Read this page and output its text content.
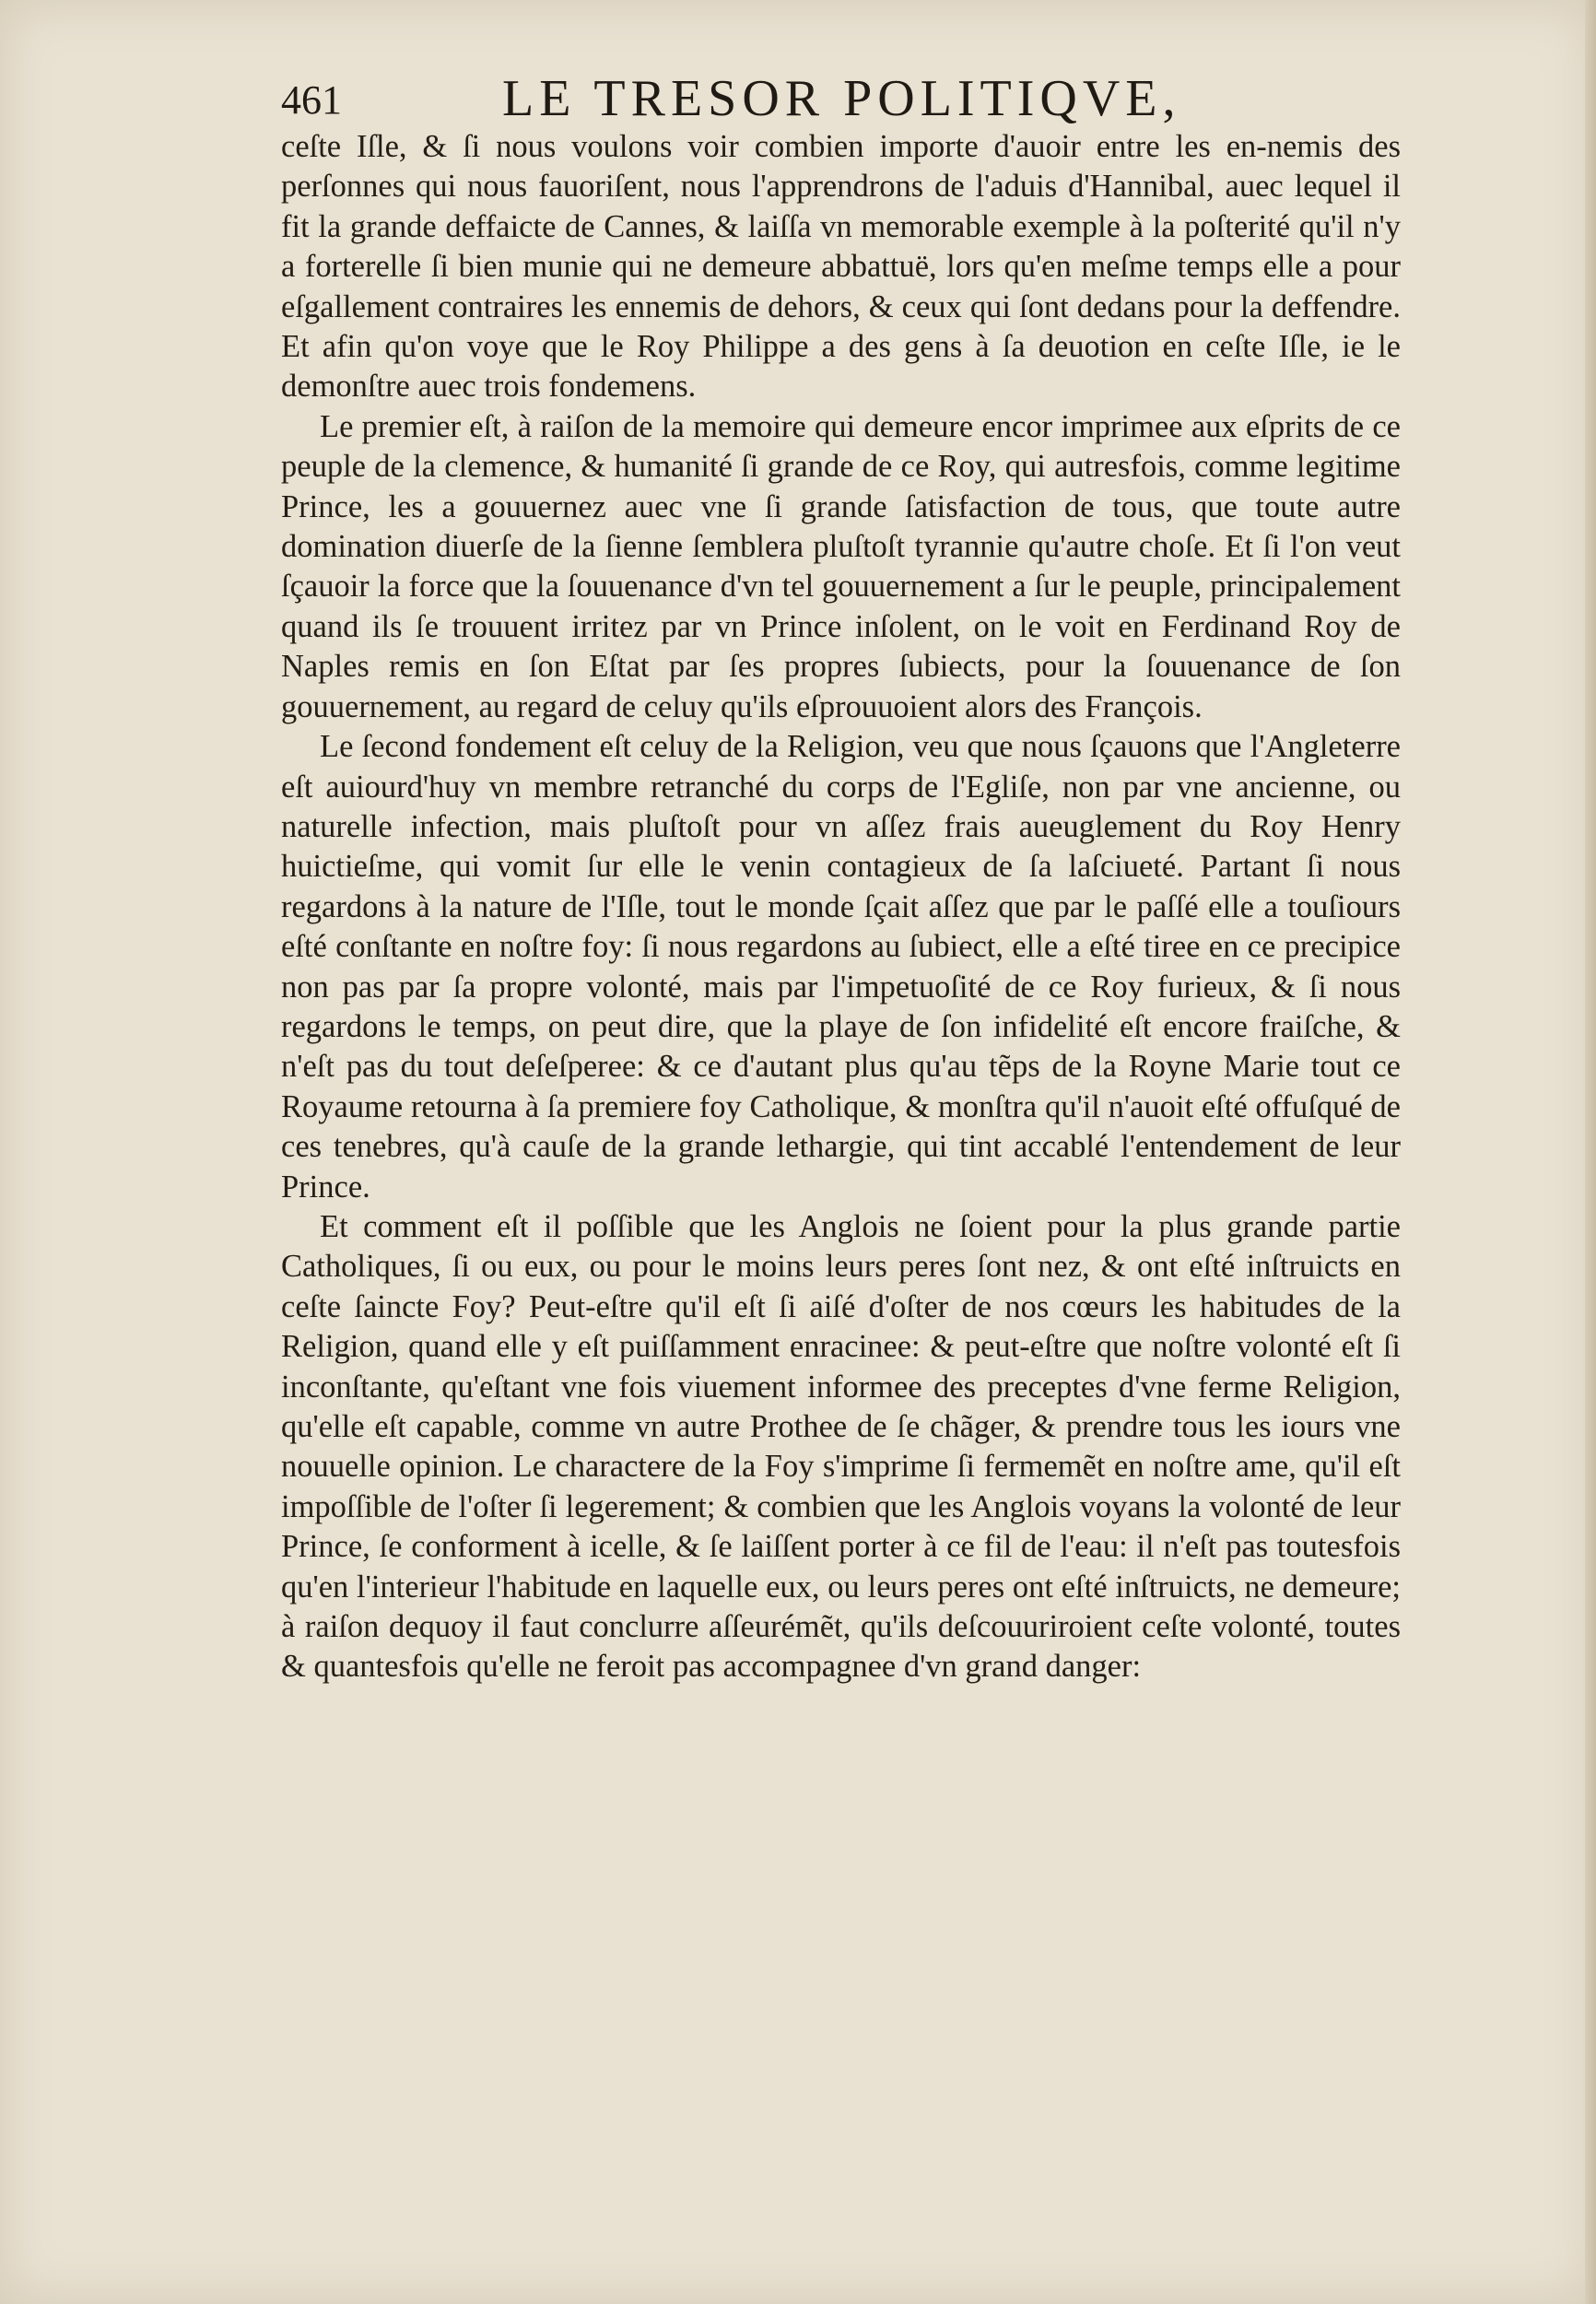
461	LE TRESOR POLITIQVE,

ceſte Iſle, & ſi nous voulons voir combien importe d'auoir entre les en-nemis des perſonnes qui nous fauoriſent, nous l'apprendrons de l'aduis d'Hannibal, auec lequel il fit la grande deffaicte de Cannes, & laiſſa vn memorable exemple à la poſterité qu'il n'y a forterelle ſi bien munie qui ne demeure abbattuë, lors qu'en meſme temps elle a pour eſgallement contraires les ennemis de dehors, & ceux qui ſont dedans pour la deffendre. Et afin qu'on voye que le Roy Philippe a des gens à ſa deuotion en ceſte Iſle, ie le demonſtre auec trois fondemens.

Le premier eſt, à raiſon de la memoire qui demeure encor imprimee aux eſprits de ce peuple de la clemence, & humanité ſi grande de ce Roy, qui autresfois, comme legitime Prince, les a gouuernez auec vne ſi grande ſatisfaction de tous, que toute autre domination diuerſe de la ſienne ſemblera pluſtoſt tyrannie qu'autre choſe. Et ſi l'on veut ſçauoir la force que la ſouuenance d'vn tel gouuernement a ſur le peuple, principalement quand ils ſe trouuent irritez par vn Prince inſolent, on le voit en Ferdinand Roy de Naples remis en ſon Eſtat par ſes propres ſubiects, pour la ſouuenance de ſon gouuernement, au regard de celuy qu'ils eſprouuoient alors des François.

Le ſecond fondement eſt celuy de la Religion, veu que nous ſçauons que l'Angleterre eſt auiourd'huy vn membre retranché du corps de l'Egliſe, non par vne ancienne, ou naturelle infection, mais pluſtoſt pour vn aſſez frais aueuglement du Roy Henry huictieſme, qui vomit ſur elle le venin contagieux de ſa laſciueté. Partant ſi nous regardons à la nature de l'Iſle, tout le monde ſçait aſſez que par le paſſé elle a touſiours eſté conſtante en noſtre foy: ſi nous regardons au ſubiect, elle a eſté tiree en ce precipice non pas par ſa propre volonté, mais par l'impetuoſité de ce Roy furieux, & ſi nous regardons le temps, on peut dire, que la playe de ſon infidelité eſt encore fraiſche, & n'eſt pas du tout deſeſperee: & ce d'autant plus qu'au tẽps de la Royne Marie tout ce Royaume retourna à ſa premiere foy Catholique, & monſtra qu'il n'auoit eſté offuſqué de ces tenebres, qu'à cauſe de la grande lethargie, qui tint accablé l'entendement de leur Prince.

Et comment eſt il poſſible que les Anglois ne ſoient pour la plus grande partie Catholiques, ſi ou eux, ou pour le moins leurs peres ſont nez, & ont eſté inſtruicts en ceſte ſaincte Foy? Peut-eſtre qu'il eſt ſi aiſé d'oſter de nos cœurs les habitudes de la Religion, quand elle y eſt puiſſamment enracinee: & peut-eſtre que noſtre volonté eſt ſi inconſtante, qu'eſtant vne fois viuement informee des preceptes d'vne ferme Religion, qu'elle eſt capable, comme vn autre Prothee de ſe chãger, & prendre tous les iours vne nouuelle opinion. Le charactere de la Foy s'imprime ſi fermemẽt en noſtre ame, qu'il eſt impoſſible de l'oſter ſi legerement; & combien que les Anglois voyans la volonté de leur Prince, ſe conforment à icelle, & ſe laiſſent porter à ce fil de l'eau: il n'eſt pas toutesfois qu'en l'interieur l'habitude en laquelle eux, ou leurs peres ont eſté inſtruicts, ne demeure; à raiſon dequoy il faut conclurre aſſeurémẽt, qu'ils deſcouuriroient ceſte volonté, toutes & quantesfois qu'elle ne feroit pas accompagnee d'vn grand danger:
